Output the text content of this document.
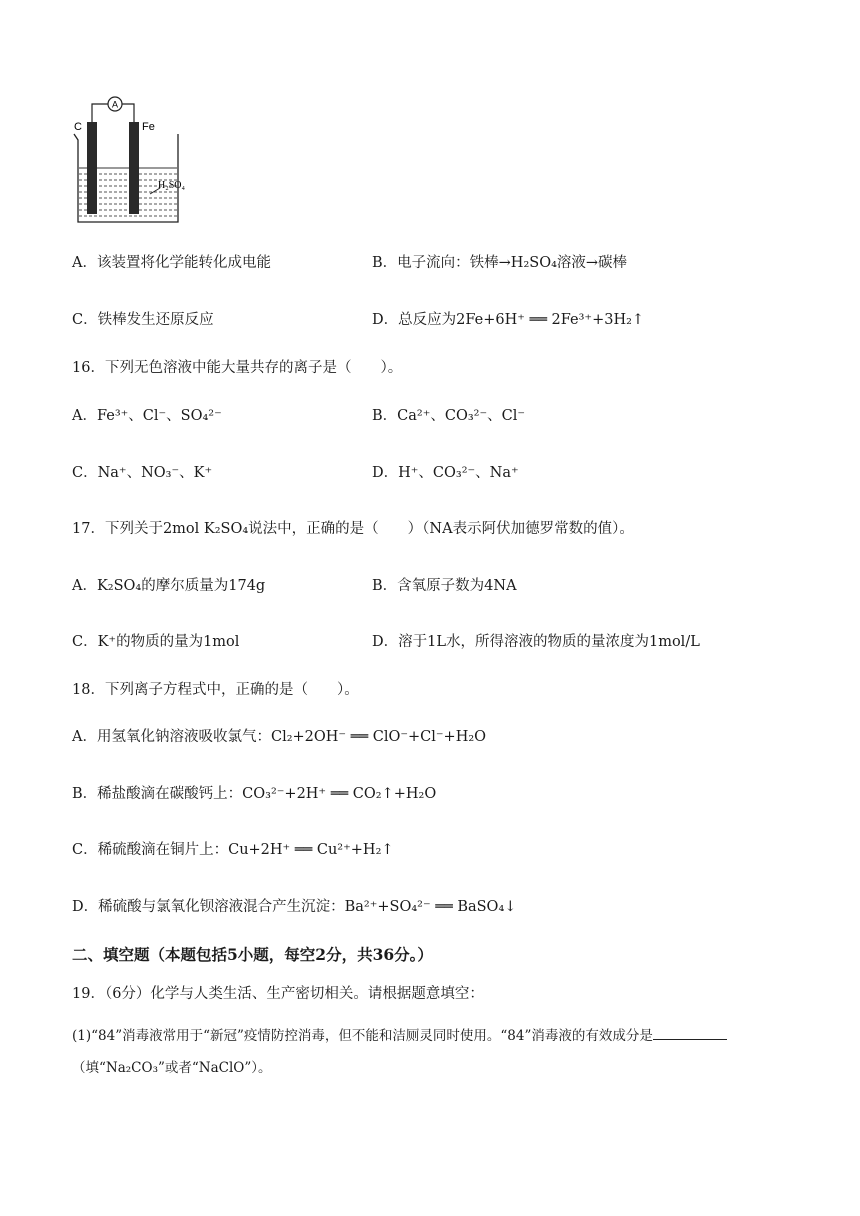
A
C	Fe
H₂SO₄
A．该装置将化学能转化成电能	B．电子流向：铁棒→H₂SO₄溶液→碳棒
C．铁棒发生还原反应	D．总反应为2Fe+6H⁺ ══ 2Fe³⁺+3H₂↑
16．下列无色溶液中能大量共存的离子是（　　）。
A．Fe³⁺、Cl⁻、SO₄²⁻	B．Ca²⁺、CO₃²⁻、Cl⁻
C．Na⁺、NO₃⁻、K⁺	D．H⁺、CO₃²⁻、Na⁺
17．下列关于2mol K₂SO₄说法中，正确的是（　　）（NA表示阿伏加德罗常数的值）。
A．K₂SO₄的摩尔质量为174g	B．含氧原子数为4NA
C．K⁺的物质的量为1mol	D．溶于1L水，所得溶液的物质的量浓度为1mol/L
18．下列离子方程式中，正确的是（　　）。
A．用氢氧化钠溶液吸收氯气：Cl₂+2OH⁻ ══ ClO⁻+Cl⁻+H₂O
B．稀盐酸滴在碳酸钙上：CO₃²⁻+2H⁺ ══ CO₂↑+H₂O
C．稀硫酸滴在铜片上：Cu+2H⁺ ══ Cu²⁺+H₂↑
D．稀硫酸与氯氧化钡溶液混合产生沉淀：Ba²⁺+SO₄²⁻ ══ BaSO₄↓
二、填空题（本题包括5小题，每空2分，共36分。）
19．（6分）化学与人类生活、生产密切相关。请根据题意填空：
(1)“84”消毒液常用于“新冠”疫情防控消毒，但不能和洁厕灵同时使用。“84”消毒液的有效成分是
（填“Na₂CO₃”或者“NaClO”）。
